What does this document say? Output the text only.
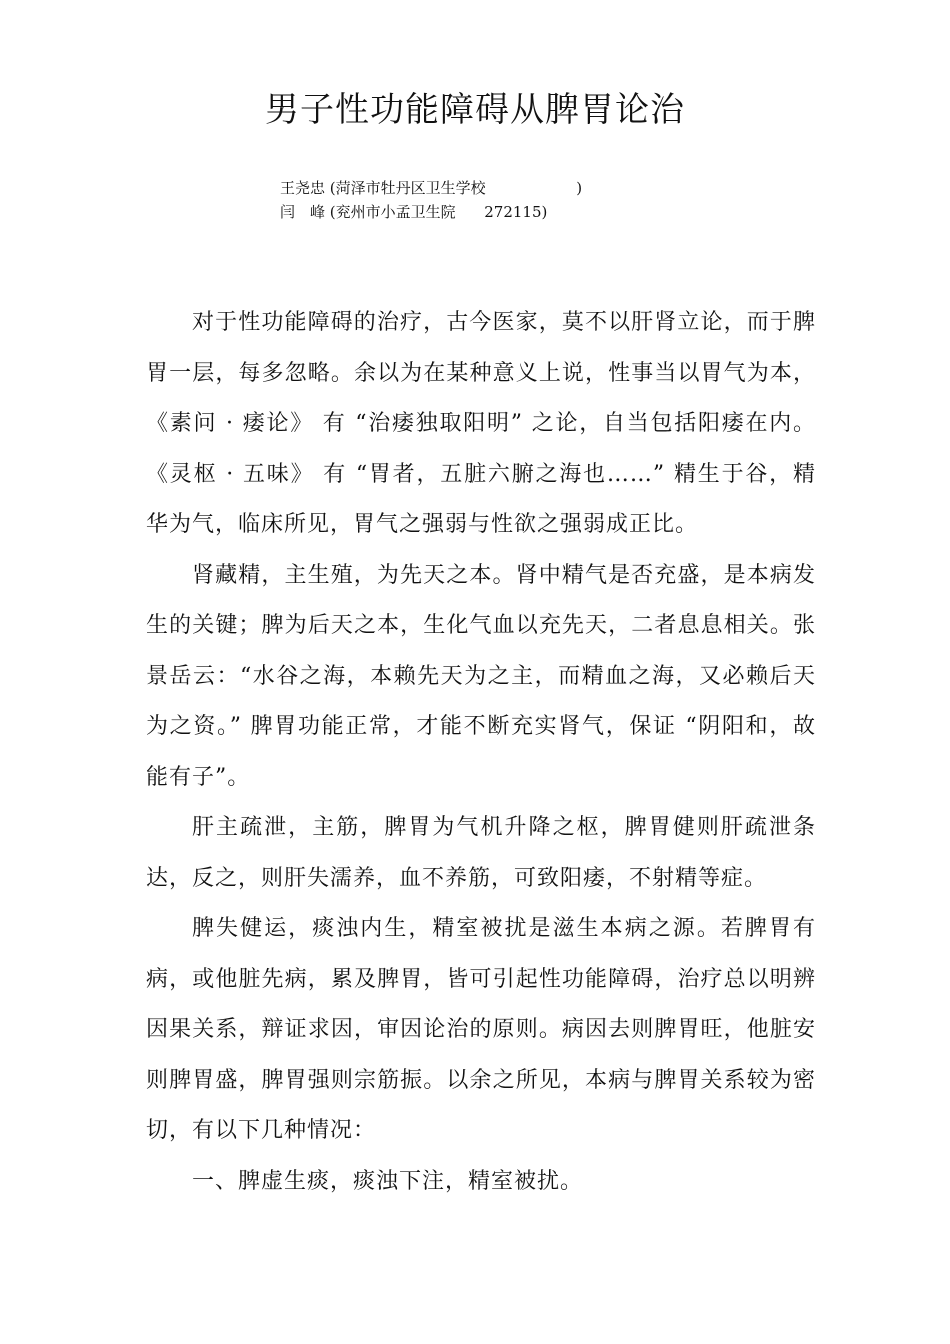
男子性功能障碍从脾胃论治
王尧忠 (菏泽市牡丹区卫生学校                   )
闫　峰 (兖州市小孟卫生院      272115)

对于性功能障碍的治疗，古今医家，莫不以肝肾立论，而于脾胃一层，每多忽略。余以为在某种意义上说，性事当以胃气为本，《素问 · 痿论》 有 “治痿独取阳明” 之论，自当包括阳痿在内。《灵枢 · 五味》 有 “胃者，五脏六腑之海也……” 精生于谷，精华为气，临床所见，胃气之强弱与性欲之强弱成正比。

肾藏精，主生殖，为先天之本。肾中精气是否充盛，是本病发生的关键；脾为后天之本，生化气血以充先天，二者息息相关。张景岳云：“水谷之海，本赖先天为之主，而精血之海，又必赖后天为之资。” 脾胃功能正常，才能不断充实肾气，保证 “阴阳和，故能有子”。

肝主疏泄，主筋，脾胃为气机升降之枢，脾胃健则肝疏泄条达，反之，则肝失濡养，血不养筋，可致阳痿，不射精等症。

脾失健运，痰浊内生，精室被扰是滋生本病之源。若脾胃有病，或他脏先病，累及脾胃，皆可引起性功能障碍，治疗总以明辨因果关系，辩证求因，审因论治的原则。病因去则脾胃旺，他脏安则脾胃盛，脾胃强则宗筋振。以余之所见，本病与脾胃关系较为密切，有以下几种情况：

一、脾虚生痰，痰浊下注，精室被扰。
